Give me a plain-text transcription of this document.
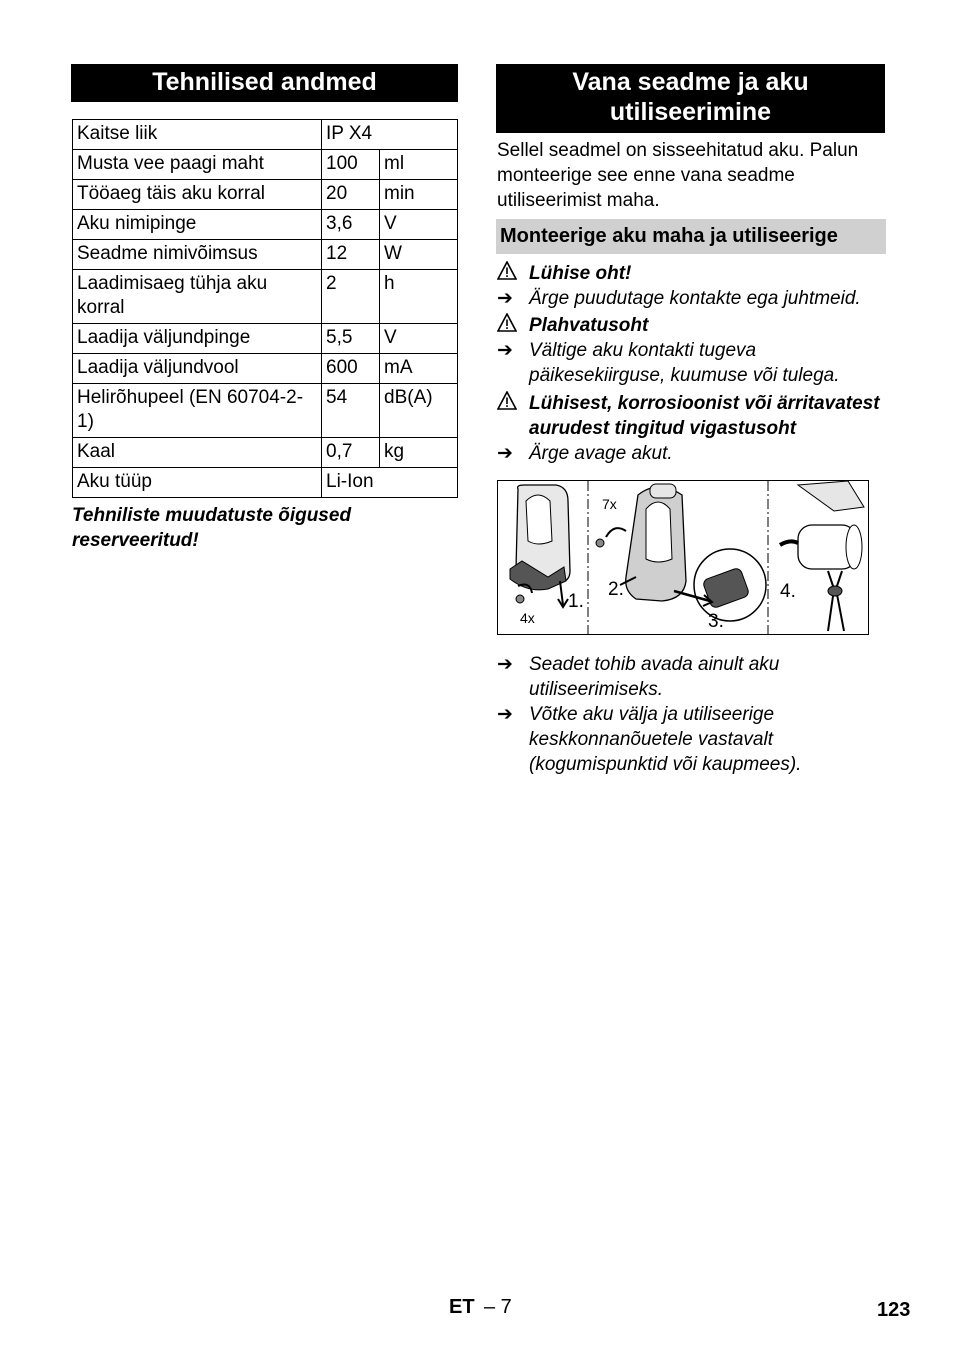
Tehnilised andmed
Kaitse liik	IP X4	
Musta vee paagi maht	100	ml
Tööaeg täis aku korral	20	min
Aku nimipinge	3,6	V
Seadme nimivõimsus	12	W
Laadimisaeg tühja aku korral	2	h
Laadija väljundpinge	5,5	V
Laadija väljundvool	600	mA
Helirõhupeel (EN 60704-2-1)	54	dB(A)
Kaal	0,7	kg
Aku tüüp	Li-Ion	
Tehniliste muudatuste õigused reserveeritud!
Vana seadme ja aku utiliseerimine
Sellel seadmel on sisseehitatud aku. Palun monteerige see enne vana seadme utiliseerimist maha.
Monteerige aku maha ja utiliseerige
Lühise oht!
➔ Ärge puudutage kontakte ega juhtmeid.
Plahvatusoht
➔ Vältige aku kontakti tugeva päikesekiirguse, kuumuse või tulega.
Lühisest, korrosioonist või ärritavatest aurudest tingitud vigastusoht
➔ Ärge avage akut.
7x
4x
1.
2.
3.
4.
➔ Seadet tohib avada ainult aku utiliseerimiseks.
➔ Võtke aku välja ja utiliseerige keskkonnanõuetele vastavalt (kogumispunktid või kaupmees).
ET – 7	123
